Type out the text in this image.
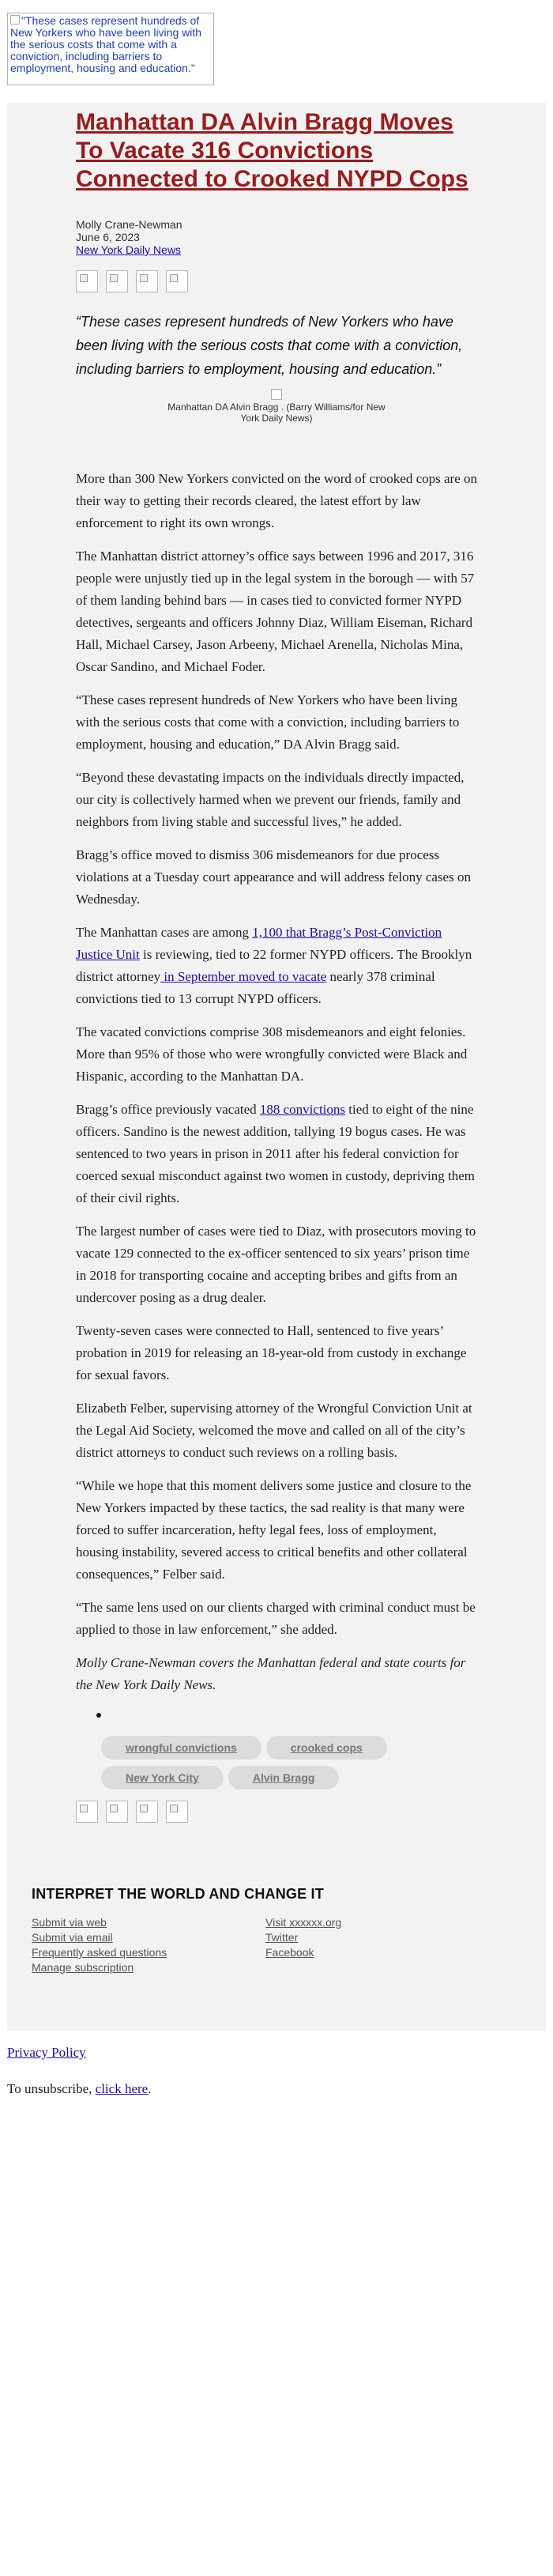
"These cases represent hundreds of New Yorkers who have been living with the serious costs that come with a conviction, including barriers to employment, housing and education."
Manhattan DA Alvin Bragg Moves To Vacate 316 Convictions Connected to Crooked NYPD Cops
Molly Crane-Newman
June 6, 2023
New York Daily News
“These cases represent hundreds of New Yorkers who have been living with the serious costs that come with a conviction, including barriers to employment, housing and education.”
Manhattan DA Alvin Bragg . (Barry Williams/for New York Daily News)

More than 300 New Yorkers convicted on the word of crooked cops are on their way to getting their records cleared, the latest effort by law enforcement to right its own wrongs.

The Manhattan district attorney’s office says between 1996 and 2017, 316 people were unjustly tied up in the legal system in the borough — with 57 of them landing behind bars — in cases tied to convicted former NYPD detectives, sergeants and officers Johnny Diaz, William Eiseman, Richard Hall, Michael Carsey, Jason Arbeeny, Michael Arenella, Nicholas Mina, Oscar Sandino, and Michael Foder.

“These cases represent hundreds of New Yorkers who have been living with the serious costs that come with a conviction, including barriers to employment, housing and education,” DA Alvin Bragg said.

“Beyond these devastating impacts on the individuals directly impacted, our city is collectively harmed when we prevent our friends, family and neighbors from living stable and successful lives,” he added.

Bragg’s office moved to dismiss 306 misdemeanors for due process violations at a Tuesday court appearance and will address felony cases on Wednesday.

The Manhattan cases are among 1,100 that Bragg’s Post-Conviction Justice Unit is reviewing, tied to 22 former NYPD officers. The Brooklyn district attorney in September moved to vacate nearly 378 criminal convictions tied to 13 corrupt NYPD officers.

The vacated convictions comprise 308 misdemeanors and eight felonies. More than 95% of those who were wrongfully convicted were Black and Hispanic, according to the Manhattan DA.

Bragg’s office previously vacated 188 convictions tied to eight of the nine officers. Sandino is the newest addition, tallying 19 bogus cases. He was sentenced to two years in prison in 2011 after his federal conviction for coerced sexual misconduct against two women in custody, depriving them of their civil rights.

The largest number of cases were tied to Diaz, with prosecutors moving to vacate 129 connected to the ex-officer sentenced to six years’ prison time in 2018 for transporting cocaine and accepting bribes and gifts from an undercover posing as a drug dealer.

Twenty-seven cases were connected to Hall, sentenced to five years’ probation in 2019 for releasing an 18-year-old from custody in exchange for sexual favors.

Elizabeth Felber, supervising attorney of the Wrongful Conviction Unit at the Legal Aid Society, welcomed the move and called on all of the city’s district attorneys to conduct such reviews on a rolling basis.

“While we hope that this moment delivers some justice and closure to the New Yorkers impacted by these tactics, the sad reality is that many were forced to suffer incarceration, hefty legal fees, loss of employment, housing instability, severed access to critical benefits and other collateral consequences,” Felber said.

“The same lens used on our clients charged with criminal conduct must be applied to those in law enforcement,” she added.

Molly Crane-Newman covers the Manhattan federal and state courts for the New York Daily News.

wrongful convictions	crooked cops
New York City	Alvin Bragg
INTERPRET THE WORLD AND CHANGE IT
Submit via web
Submit via email
Frequently asked questions
Manage subscription
Visit xxxxxx.org
Twitter
Facebook
Privacy Policy
To unsubscribe, click here.
